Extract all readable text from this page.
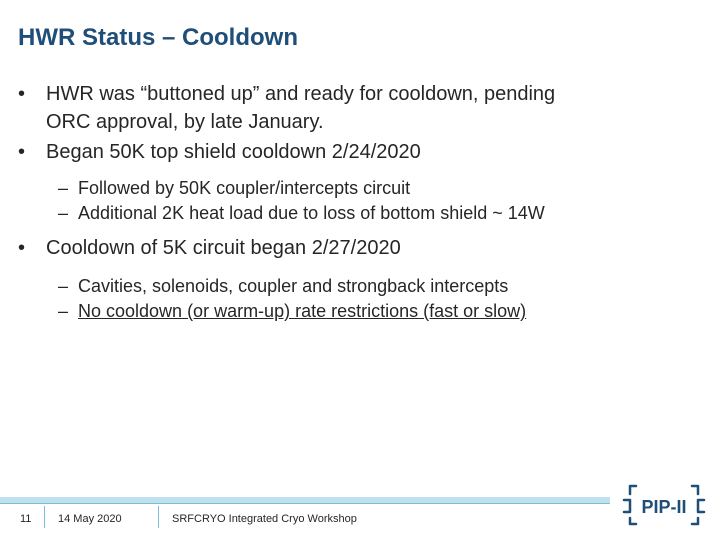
HWR Status – Cooldown
•	HWR was “buttoned up” and ready for cooldown, pending
ORC approval, by late January.
•	Began 50K top shield cooldown 2/24/2020
– Followed by 50K coupler/intercepts circuit
– Additional 2K heat load due to loss of bottom shield ~ 14W
•	Cooldown of 5K circuit began 2/27/2020
– Cavities, solenoids, coupler and strongback intercepts
– No cooldown (or warm-up) rate restrictions (fast or slow)
11 14 May 2020	SRFCRYO Integrated Cryo Workshop
PIP-II
